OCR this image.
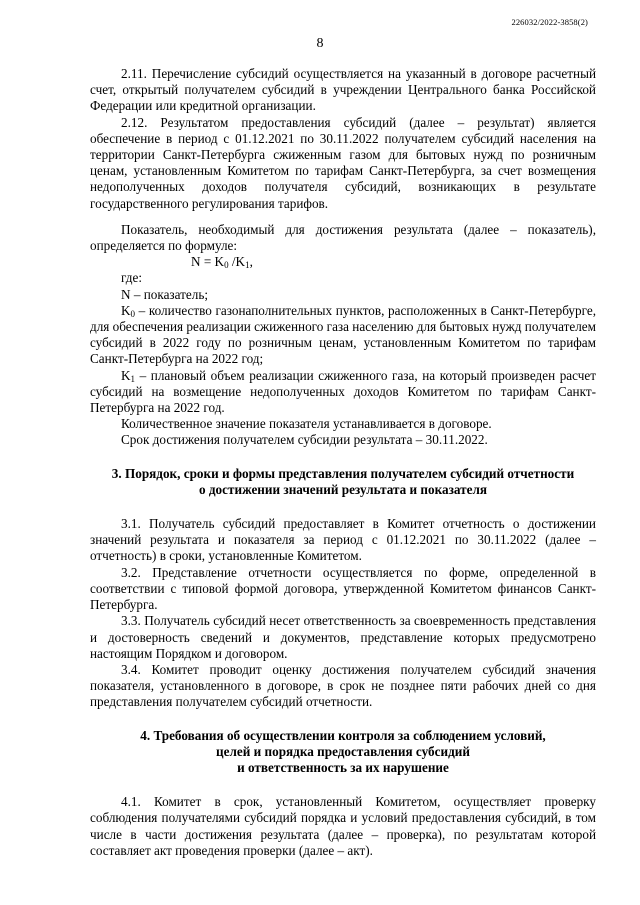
226032/2022-3858(2)
8

2.11. Перечисление субсидий осуществляется на указанный в договоре расчетный счет, открытый получателем субсидий в учреждении Центрального банка Российской Федерации или кредитной организации.

2.12. Результатом предоставления субсидий (далее – результат) является обеспечение в период с 01.12.2021 по 30.11.2022 получателем субсидий населения на территории Санкт-Петербурга сжиженным газом для бытовых нужд по розничным ценам, установленным Комитетом по тарифам Санкт-Петербурга, за счет возмещения недополученных доходов получателя субсидий, возникающих в результате государственного регулирования тарифов.

Показатель, необходимый для достижения результата (далее – показатель), определяется по формуле:

$N = K_0$ $/K_1$,

где:

N – показатель;

$K_0$ – количество газонаполнительных пунктов, расположенных в Санкт-Петербурге, для обеспечения реализации сжиженного газа населению для бытовых нужд получателем субсидий в 2022 году по розничным ценам, установленным Комитетом по тарифам Санкт-Петербурга на 2022 год;

$K_1$ – плановый объем реализации сжиженного газа, на который произведен расчет субсидий на возмещение недополученных доходов Комитетом по тарифам Санкт-Петербурга на 2022 год.

Количественное значение показателя устанавливается в договоре.

Срок достижения получателем субсидии результата – 30.11.2022.

3. Порядок, сроки и формы представления получателем субсидий отчетности
о достижении значений результата и показателя

3.1. Получатель субсидий предоставляет в Комитет отчетность о достижении значений результата и показателя за период с 01.12.2021 по 30.11.2022 (далее – отчетность) в сроки, установленные Комитетом.

3.2. Представление отчетности осуществляется по форме, определенной в соответствии с типовой формой договора, утвержденной Комитетом финансов Санкт-Петербурга.

3.3. Получатель субсидий несет ответственность за своевременность представления и достоверность сведений и документов, представление которых предусмотрено настоящим Порядком и договором.

3.4. Комитет проводит оценку достижения получателем субсидий значения показателя, установленного в договоре, в срок не позднее пяти рабочих дней со дня представления получателем субсидий отчетности.

4. Требования об осуществлении контроля за соблюдением условий,
целей и порядка предоставления субсидий
и ответственность за их нарушение

4.1. Комитет в срок, установленный Комитетом, осуществляет проверку соблюдения получателями субсидий порядка и условий предоставления субсидий, в том числе в части достижения результата (далее – проверка), по результатам которой составляет акт проведения проверки (далее – акт).
